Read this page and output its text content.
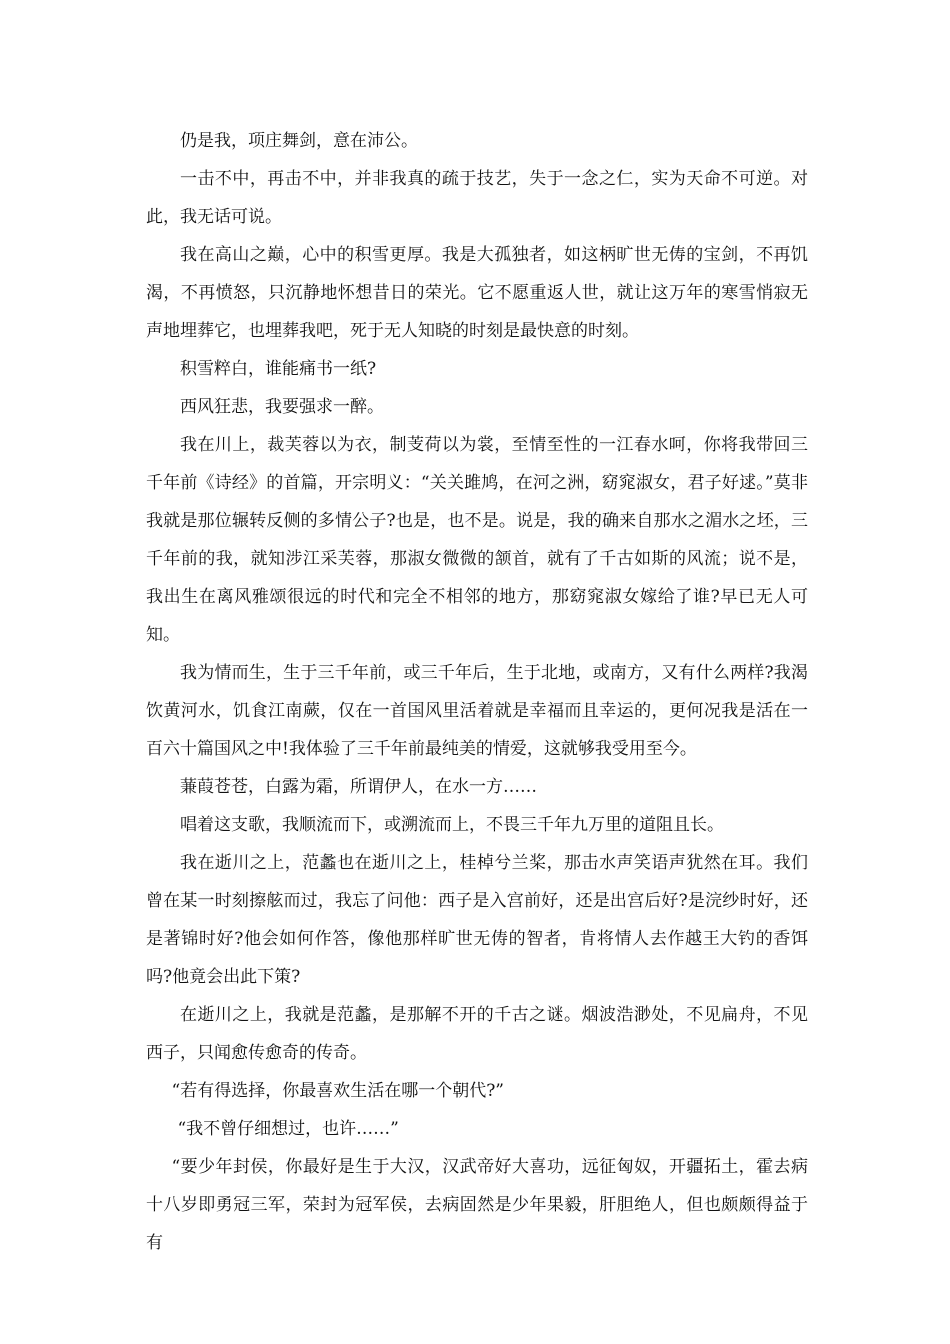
仍是我，项庄舞剑，意在沛公。

一击不中，再击不中，并非我真的疏于技艺，失于一念之仁，实为天命不可逆。对此，我无话可说。

我在高山之巅，心中的积雪更厚。我是大孤独者，如这柄旷世无俦的宝剑，不再饥渴，不再愤怒，只沉静地怀想昔日的荣光。它不愿重返人世，就让这万年的寒雪悄寂无声地埋葬它，也埋葬我吧，死于无人知晓的时刻是最快意的时刻。

积雪粹白，谁能痛书一纸?

西风狂悲，我要强求一醉。

我在川上，裁芙蓉以为衣，制芰荷以为裳，至情至性的一江春水呵，你将我带回三千年前《诗经》的首篇，开宗明义：“关关雎鸠，在河之洲，窈窕淑女，君子好逑。”莫非我就是那位辗转反侧的多情公子?也是，也不是。说是，我的确来自那水之湄水之坯，三千年前的我，就知涉江采芙蓉，那淑女微微的颔首，就有了千古如斯的风流；说不是，我出生在离风雅颂很远的时代和完全不相邻的地方，那窈窕淑女嫁给了谁?早已无人可知。

我为情而生，生于三千年前，或三千年后，生于北地，或南方，又有什么两样?我渴饮黄河水，饥食江南蕨，仅在一首国风里活着就是幸福而且幸运的，更何况我是活在一百六十篇国风之中!我体验了三千年前最纯美的情爱，这就够我受用至今。

蒹葭苍苍，白露为霜，所谓伊人，在水一方……

唱着这支歌，我顺流而下，或溯流而上，不畏三千年九万里的道阻且长。

我在逝川之上，范蠡也在逝川之上，桂棹兮兰桨，那击水声笑语声犹然在耳。我们曾在某一时刻擦舷而过，我忘了问他：西子是入宫前好，还是出宫后好?是浣纱时好，还是著锦时好?他会如何作答，像他那样旷世无俦的智者，肯将情人去作越王大钓的香饵吗?他竟会出此下策?

在逝川之上，我就是范蠡，是那解不开的千古之谜。烟波浩渺处，不见扁舟，不见西子，只闻愈传愈奇的传奇。

“若有得选择，你最喜欢生活在哪一个朝代?”

“我不曾仔细想过，也许……”

“要少年封侯，你最好是生于大汉，汉武帝好大喜功，远征匈奴，开疆拓土，霍去病十八岁即勇冠三军，荣封为冠军侯，去病固然是少年果毅，肝胆绝人，但也颇颇得益于有
